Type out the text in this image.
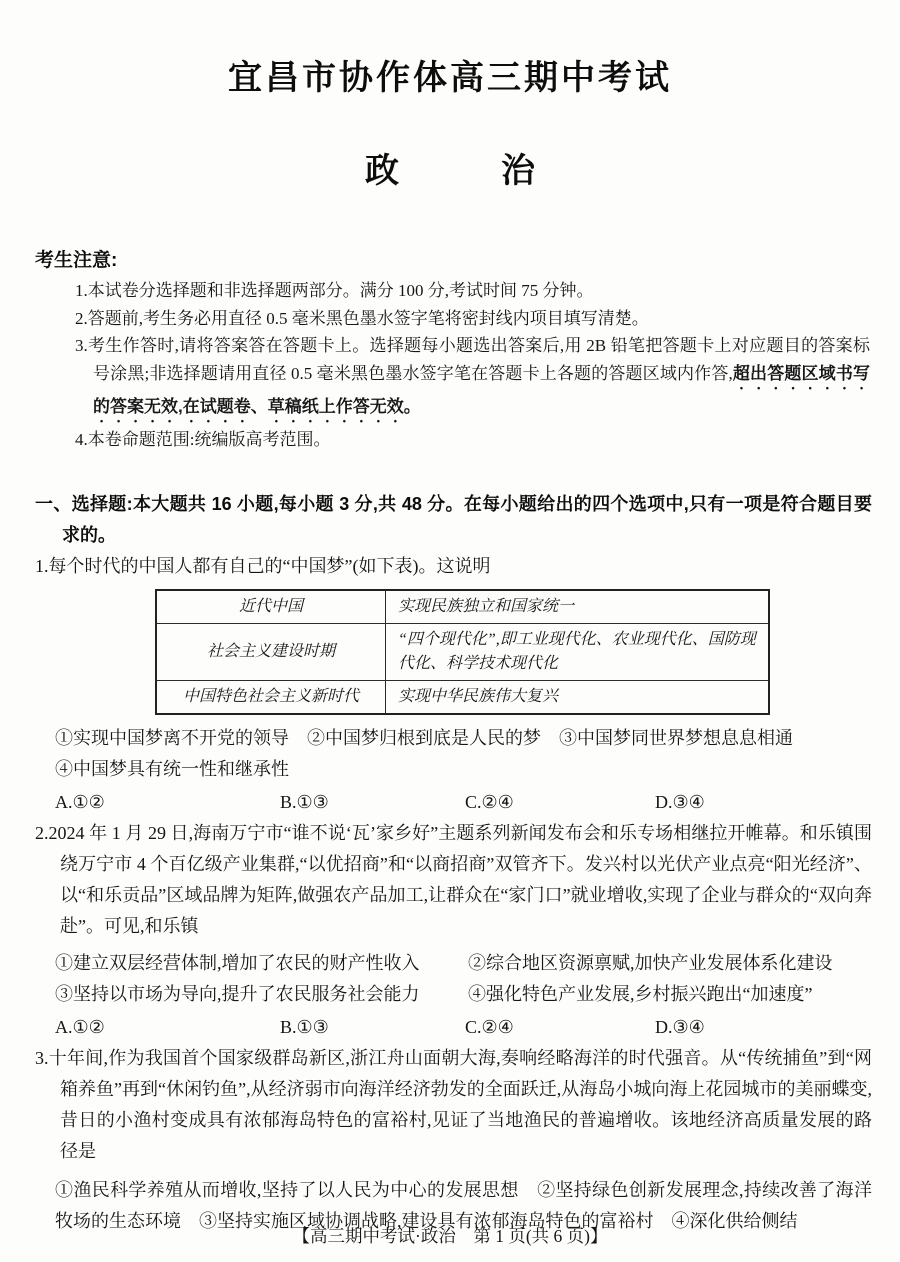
宜昌市协作体高三期中考试
政　　　治
考生注意:
1.本试卷分选择题和非选择题两部分。满分 100 分,考试时间 75 分钟。
2.答题前,考生务必用直径 0.5 毫米黑色墨水签字笔将密封线内项目填写清楚。
3.考生作答时,请将答案答在答题卡上。选择题每小题选出答案后,用 2B 铅笔把答题卡上对应题目的答案标号涂黑;非选择题请用直径 0.5 毫米黑色墨水签字笔在答题卡上各题的答题区域内作答,超出答题区域书写的答案无效,在试题卷、草稿纸上作答无效。
4.本卷命题范围:统编版高考范围。
一、选择题:本大题共 16 小题,每小题 3 分,共 48 分。在每小题给出的四个选项中,只有一项是符合题目要求的。
1.每个时代的中国人都有自己的“中国梦”(如下表)。这说明
近代中国	实现民族独立和国家统一
社会主义建设时期	“四个现代化”,即工业现代化、农业现代化、国防现代化、科学技术现代化
中国特色社会主义新时代	实现中华民族伟大复兴
①实现中国梦离不开党的领导　②中国梦归根到底是人民的梦　③中国梦同世界梦想息息相通
④中国梦具有统一性和继承性
A.①②	B.①③	C.②④	D.③④
2.2024 年 1 月 29 日,海南万宁市“谁不说‘瓦’家乡好”主题系列新闻发布会和乐专场相继拉开帷幕。和乐镇围绕万宁市 4 个百亿级产业集群,“以优招商”和“以商招商”双管齐下。发兴村以光伏产业点亮“阳光经济”、以“和乐贡品”区域品牌为矩阵,做强农产品加工,让群众在“家门口”就业增收,实现了企业与群众的“双向奔赴”。可见,和乐镇
①建立双层经营体制,增加了农民的财产性收入	②综合地区资源禀赋,加快产业发展体系化建设
③坚持以市场为导向,提升了农民服务社会能力	④强化特色产业发展,乡村振兴跑出“加速度”
A.①②	B.①③	C.②④	D.③④
3.十年间,作为我国首个国家级群岛新区,浙江舟山面朝大海,奏响经略海洋的时代强音。从“传统捕鱼”到“网箱养鱼”再到“休闲钓鱼”,从经济弱市向海洋经济勃发的全面跃迁,从海岛小城向海上花园城市的美丽蝶变,昔日的小渔村变成具有浓郁海岛特色的富裕村,见证了当地渔民的普遍增收。该地经济高质量发展的路径是
①渔民科学养殖从而增收,坚持了以人民为中心的发展思想　②坚持绿色创新发展理念,持续改善了海洋牧场的生态环境　③坚持实施区域协调战略,建设具有浓郁海岛特色的富裕村　④深化供给侧结
【高三期中考试·政治　第 1 页(共 6 页)】
